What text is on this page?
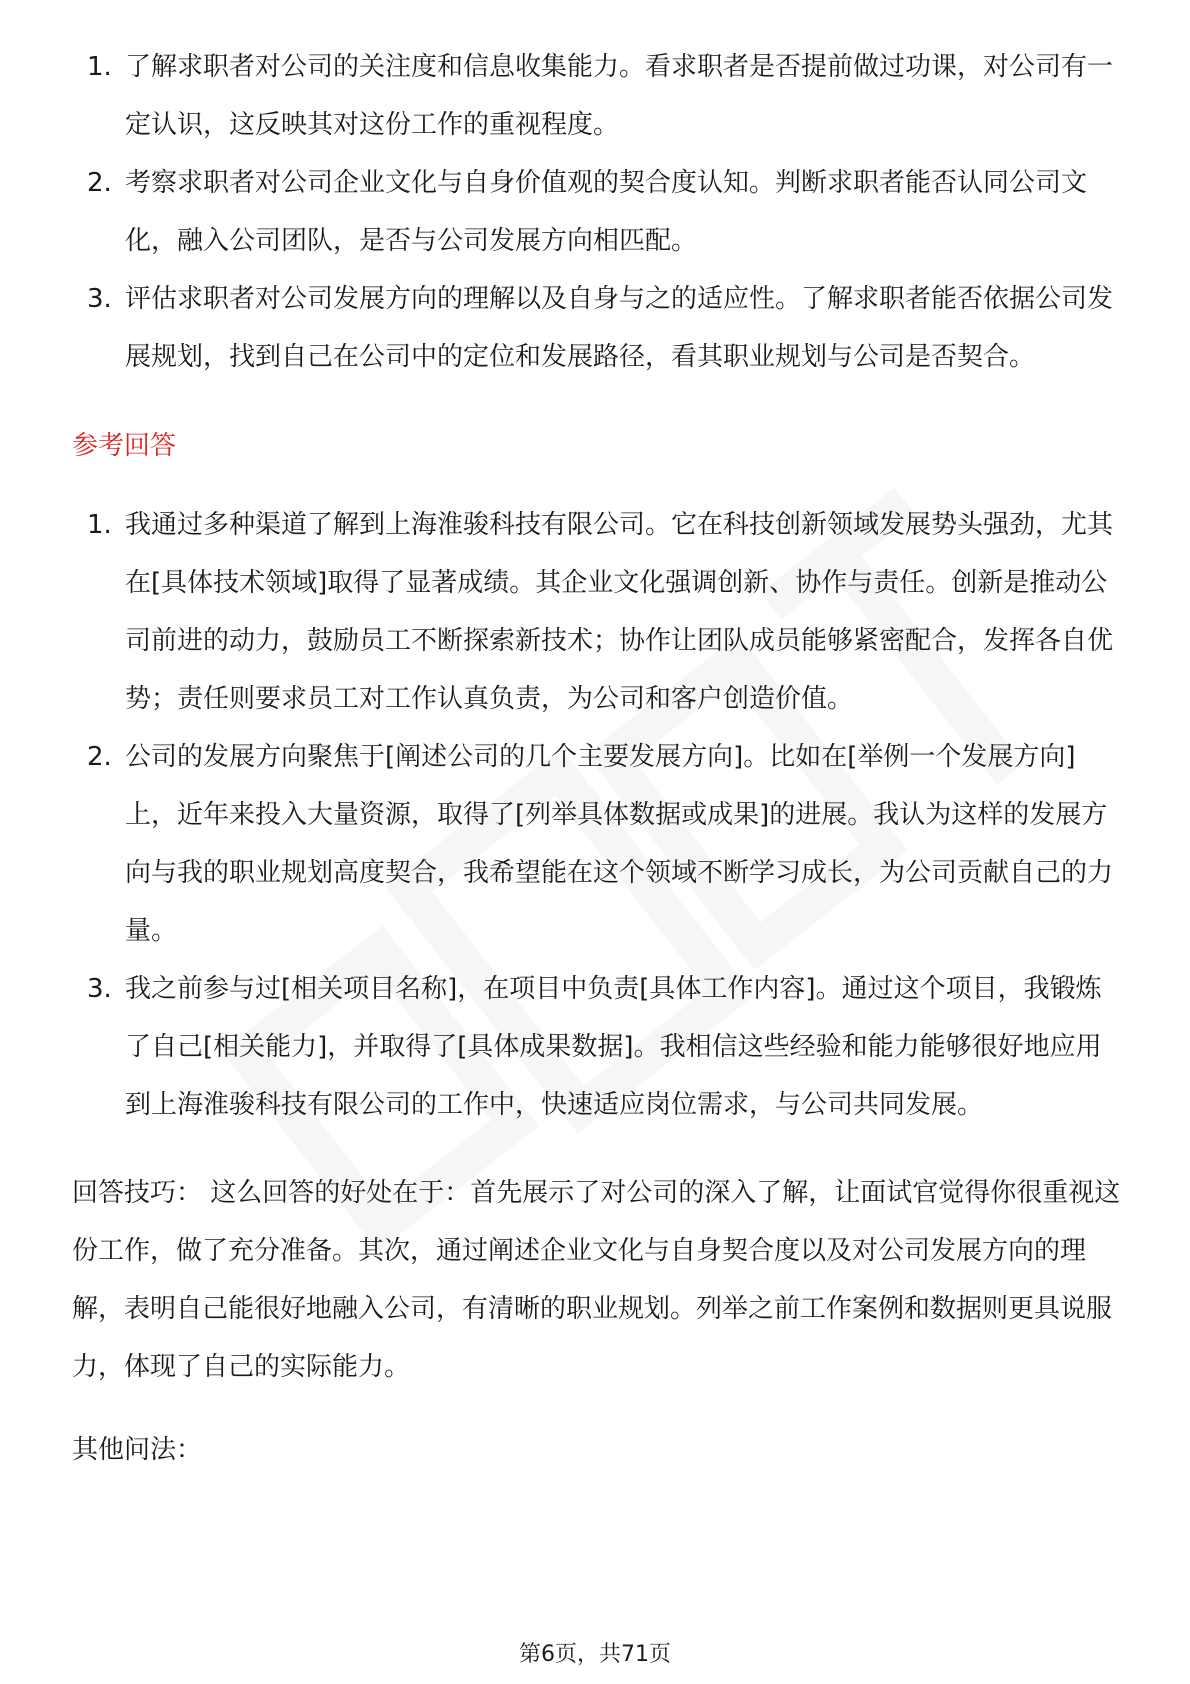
1. 了解求职者对公司的关注度和信息收集能力。看求职者是否提前做过功课，对公司有一定认识，这反映其对这份工作的重视程度。
2. 考察求职者对公司企业文化与自身价值观的契合度认知。判断求职者能否认同公司文化，融入公司团队，是否与公司发展方向相匹配。
3. 评估求职者对公司发展方向的理解以及自身与之的适应性。了解求职者能否依据公司发展规划，找到自己在公司中的定位和发展路径，看其职业规划与公司是否契合。
参考回答
1. 我通过多种渠道了解到上海淮骏科技有限公司。它在科技创新领域发展势头强劲，尤其在[具体技术领域]取得了显著成绩。其企业文化强调创新、协作与责任。创新是推动公司前进的动力，鼓励员工不断探索新技术；协作让团队成员能够紧密配合，发挥各自优势；责任则要求员工对工作认真负责，为公司和客户创造价值。
2. 公司的发展方向聚焦于[阐述公司的几个主要发展方向]。比如在[举例一个发展方向]上，近年来投入大量资源，取得了[列举具体数据或成果]的进展。我认为这样的发展方向与我的职业规划高度契合，我希望能在这个领域不断学习成长，为公司贡献自己的力量。
3. 我之前参与过[相关项目名称]，在项目中负责[具体工作内容]。通过这个项目，我锻炼了自己[相关能力]，并取得了[具体成果数据]。我相信这些经验和能力能够很好地应用到上海淮骏科技有限公司的工作中，快速适应岗位需求，与公司共同发展。
回答技巧： 这么回答的好处在于：首先展示了对公司的深入了解，让面试官觉得你很重视这份工作，做了充分准备。其次，通过阐述企业文化与自身契合度以及对公司发展方向的理解，表明自己能很好地融入公司，有清晰的职业规划。列举之前工作案例和数据则更具说服力，体现了自己的实际能力。
其他问法：
第6页，共71页
